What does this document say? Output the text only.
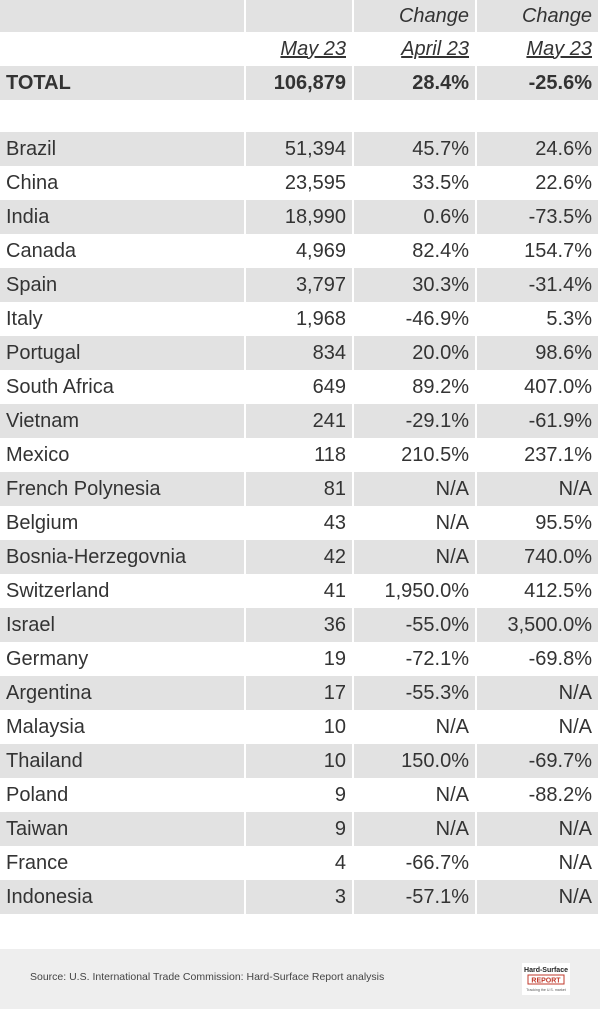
		Change	Change
	May 23	April 23	May 23
TOTAL	106,879	28.4%	-25.6%

Brazil	51,394	45.7%	24.6%
China	23,595	33.5%	22.6%
India	18,990	0.6%	-73.5%
Canada	4,969	82.4%	154.7%
Spain	3,797	30.3%	-31.4%
Italy	1,968	-46.9%	5.3%
Portugal	834	20.0%	98.6%
South Africa	649	89.2%	407.0%
Vietnam	241	-29.1%	-61.9%
Mexico	118	210.5%	237.1%
French Polynesia	81	N/A	N/A
Belgium	43	N/A	95.5%
Bosnia-Herzegovnia	42	N/A	740.0%
Switzerland	41	1,950.0%	412.5%
Israel	36	-55.0%	3,500.0%
Germany	19	-72.1%	-69.8%
Argentina	17	-55.3%	N/A
Malaysia	10	N/A	N/A
Thailand	10	150.0%	-69.7%
Poland	9	N/A	-88.2%
Taiwan	9	N/A	N/A
France	4	-66.7%	N/A
Indonesia	3	-57.1%	N/A
Source: U.S. International Trade Commission: Hard-Surface Report analysis
Hard-Surface
REPORT
Tracking the U.S. market
